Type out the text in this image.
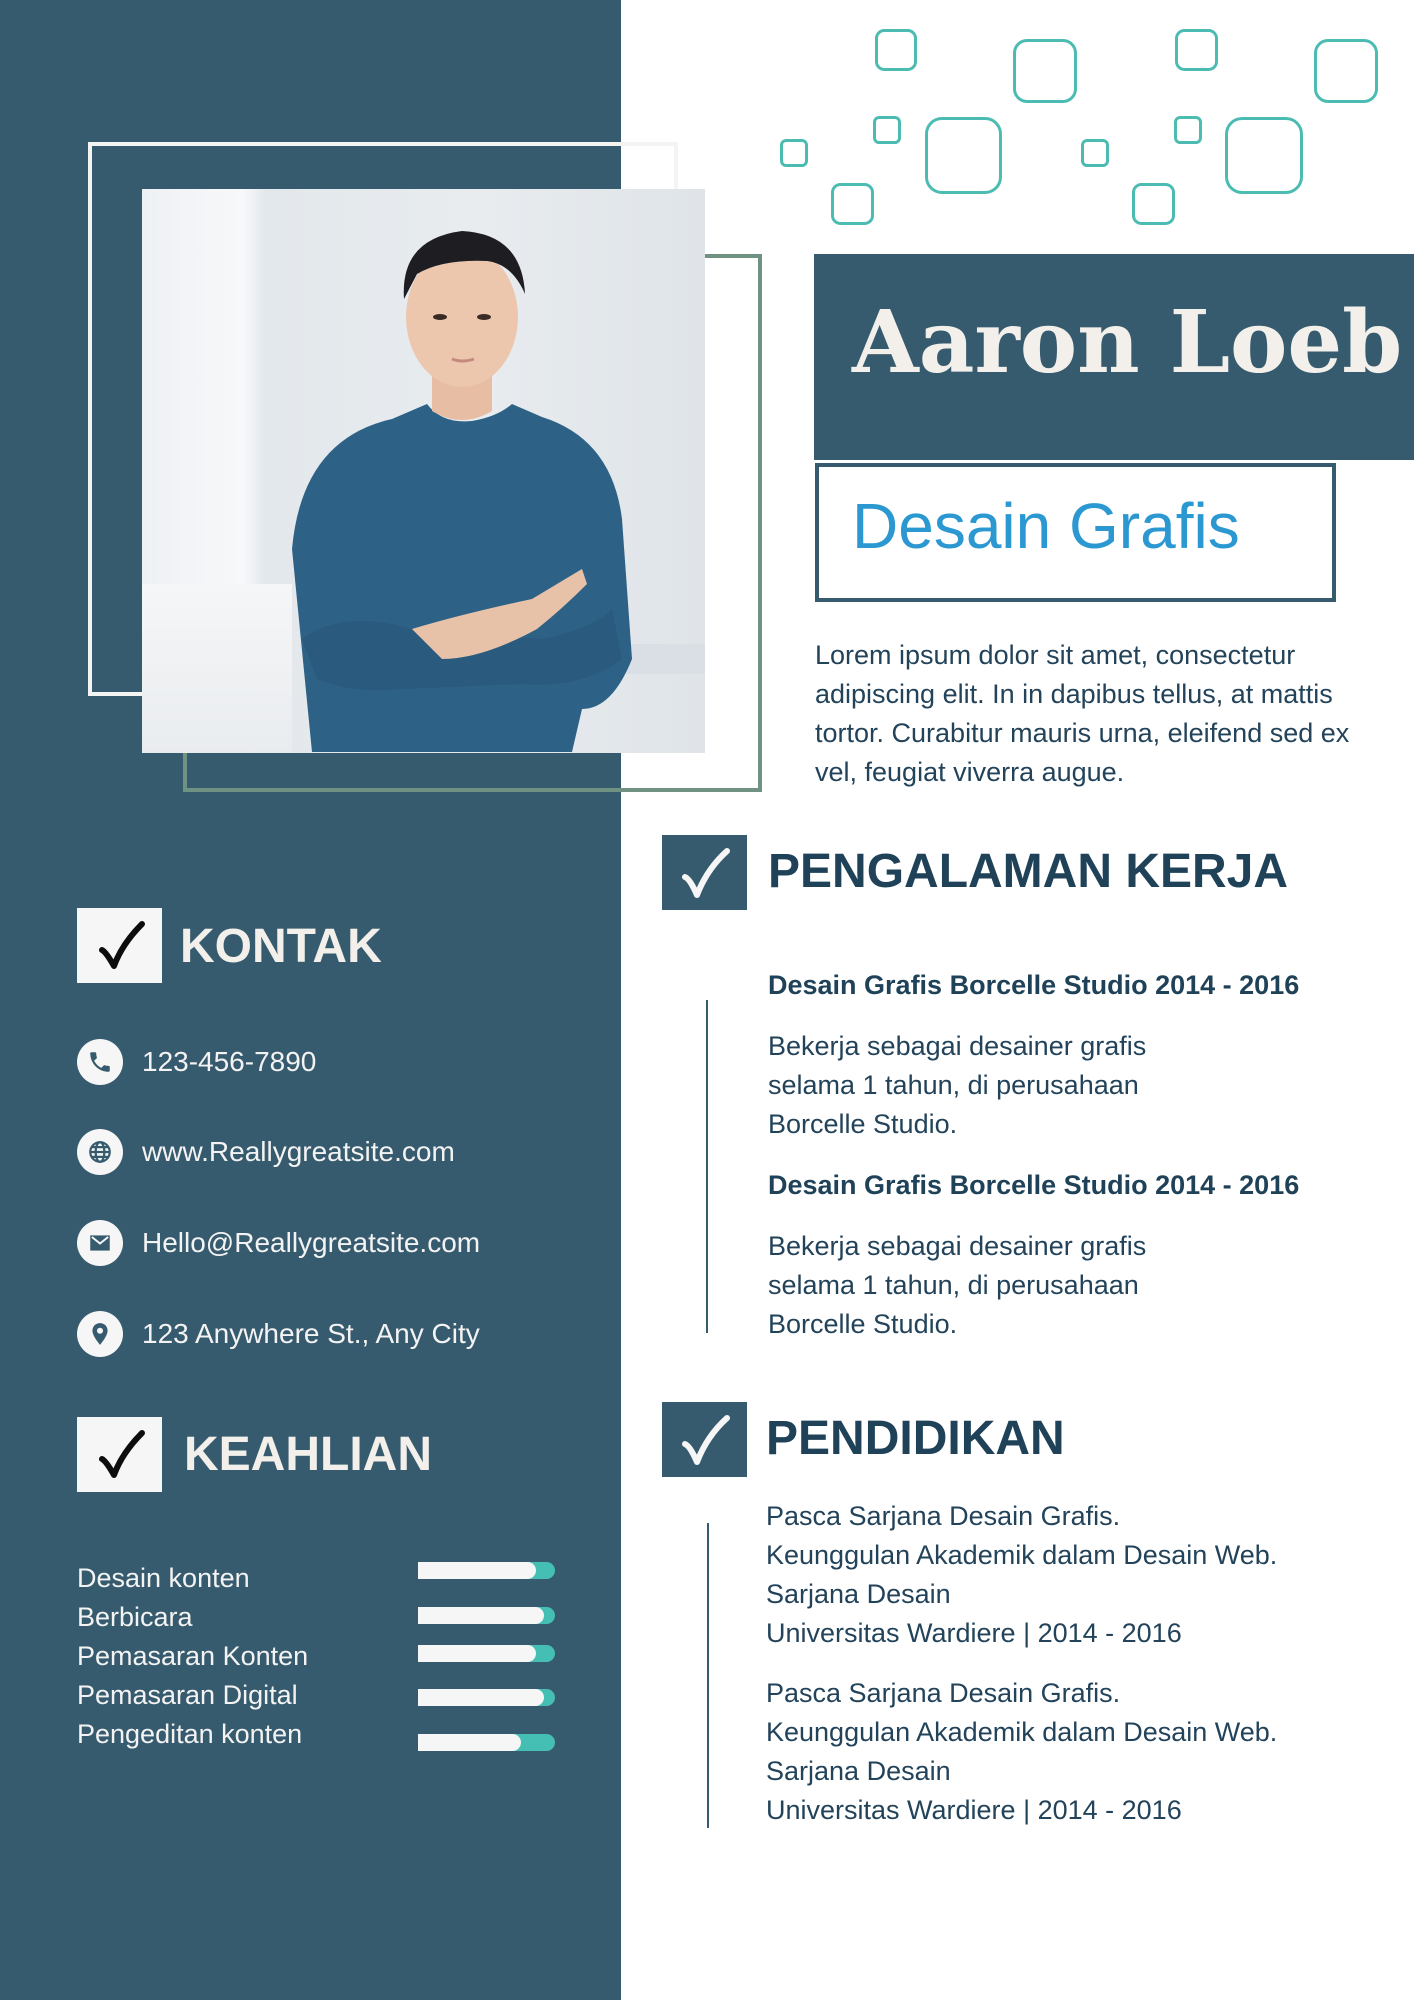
Aaron Loeb
Desain Grafis

Lorem ipsum dolor sit amet, consectetur adipiscing elit. In in dapibus tellus, at mattis tortor. Curabitur mauris urna, eleifend sed ex vel, feugiat viverra augue.

KONTAK
123-456-7890
www.Reallygreatsite.com
Hello@Reallygreatsite.com
123 Anywhere St., Any City
KEAHLIAN
Desain konten
Berbicara
Pemasaran Konten
Pemasaran Digital
Pengeditan konten
PENGALAMAN KERJA
Desain Grafis Borcelle Studio 2014 - 2016
Bekerja sebagai desainer grafis
selama 1 tahun, di perusahaan
Borcelle Studio.
Desain Grafis Borcelle Studio 2014 - 2016
Bekerja sebagai desainer grafis
selama 1 tahun, di perusahaan
Borcelle Studio.
PENDIDIKAN
Pasca Sarjana Desain Grafis.
Keunggulan Akademik dalam Desain Web.
Sarjana Desain
Universitas Wardiere | 2014 - 2016
Pasca Sarjana Desain Grafis.
Keunggulan Akademik dalam Desain Web.
Sarjana Desain
Universitas Wardiere | 2014 - 2016
